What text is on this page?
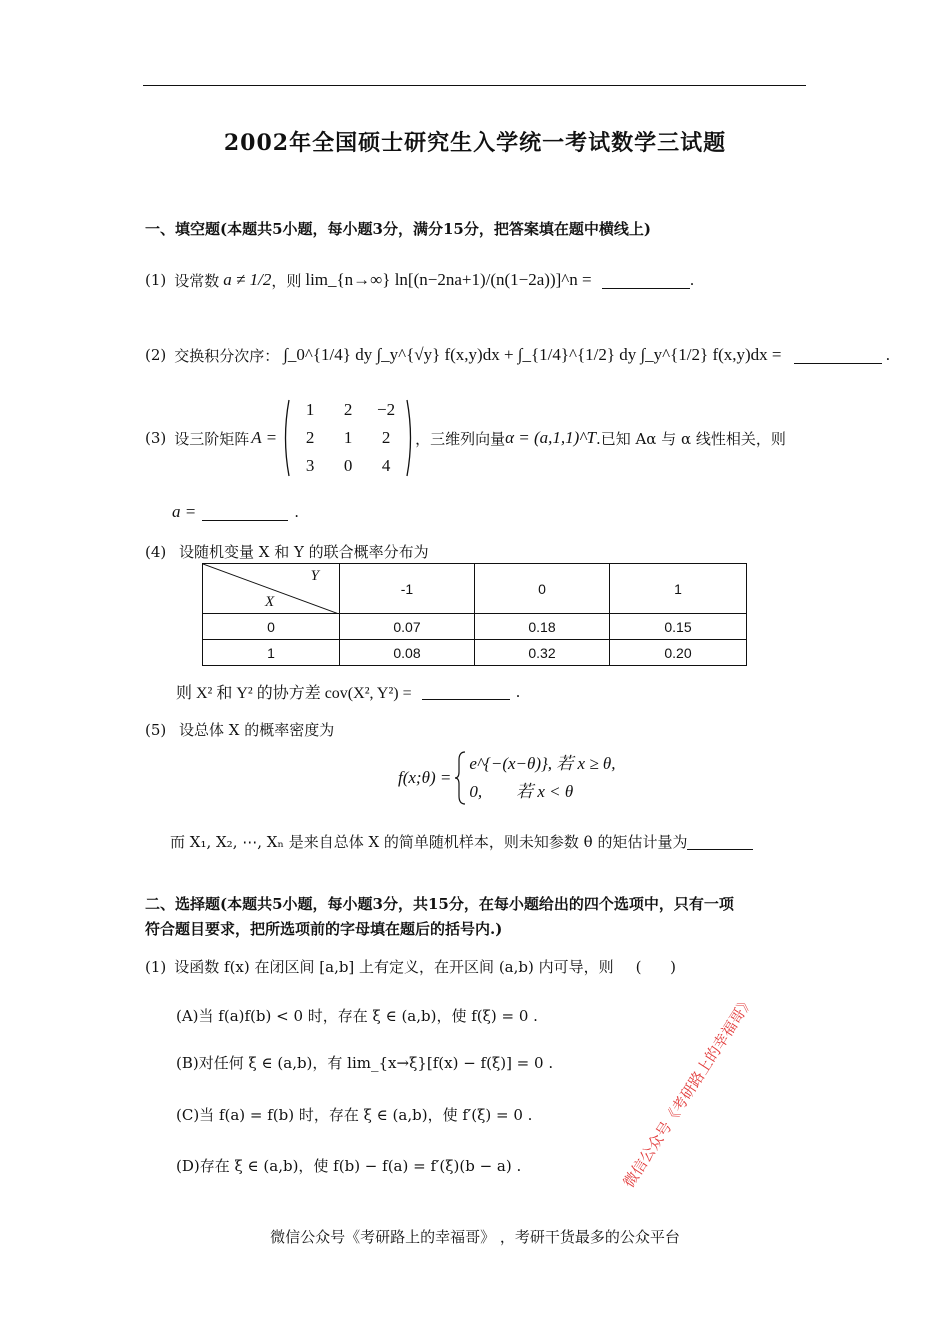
2002年全国硕士研究生入学统一考试数学三试题
一、填空题(本题共5小题，每小题3分，满分15分，把答案填在题中横线上)
(1) 设常数 a ≠ 1/2 ，则 lim_{n→∞} ln[(n−2na+1)/(n(1−2a))]^n =	.
(2) 交换积分次序： ∫_0^{1/4} dy ∫_y^{√y} f(x,y)dx + ∫_{1/4}^{1/2} dy ∫_y^{1/2} f(x,y)dx =	.
(3) 设三阶矩阵 A =
1	2	−2
2	1	2
3	0	4
，三维列向量 α = (a,1,1)^T .已知 Aα 与 α 线性相关，则
a =	.
(4) 设随机变量 X 和 Y 的联合概率分布为
Y
X	-1	0	1
0	0.07	0.18	0.15
1	0.08	0.32	0.20
则 X² 和 Y² 的协方差 cov(X², Y²) =	.
(5) 设总体 X 的概率密度为
f(x;θ) =
e^{−(x−θ)}, 若 x ≥ θ,
0,        若 x < θ
而 X₁, X₂, ⋯, Xₙ 是来自总体 X 的简单随机样本，则未知参数 θ 的矩估计量为
二、选择题(本题共5小题，每小题3分，共15分，在每小题给出的四个选项中，只有一项
符合题目要求，把所选项前的字母填在题后的括号内.)
(1) 设函数 f(x) 在闭区间 [a,b] 上有定义，在开区间 (a,b) 内可导，则 (      )
(A)当 f(a)f(b) < 0 时，存在 ξ ∈ (a,b)，使 f(ξ) = 0 .
(B)对任何 ξ ∈ (a,b)，有 lim_{x→ξ}[f(x) − f(ξ)] = 0 .
(C)当 f(a) = f(b) 时，存在 ξ ∈ (a,b)，使 f′(ξ) = 0 .
(D)存在 ξ ∈ (a,b)，使 f(b) − f(a) = f′(ξ)(b − a) .	微信公众号《考研路上的幸福哥》
微信公众号《考研路上的幸福哥》 ，考研干货最多的公众平台
